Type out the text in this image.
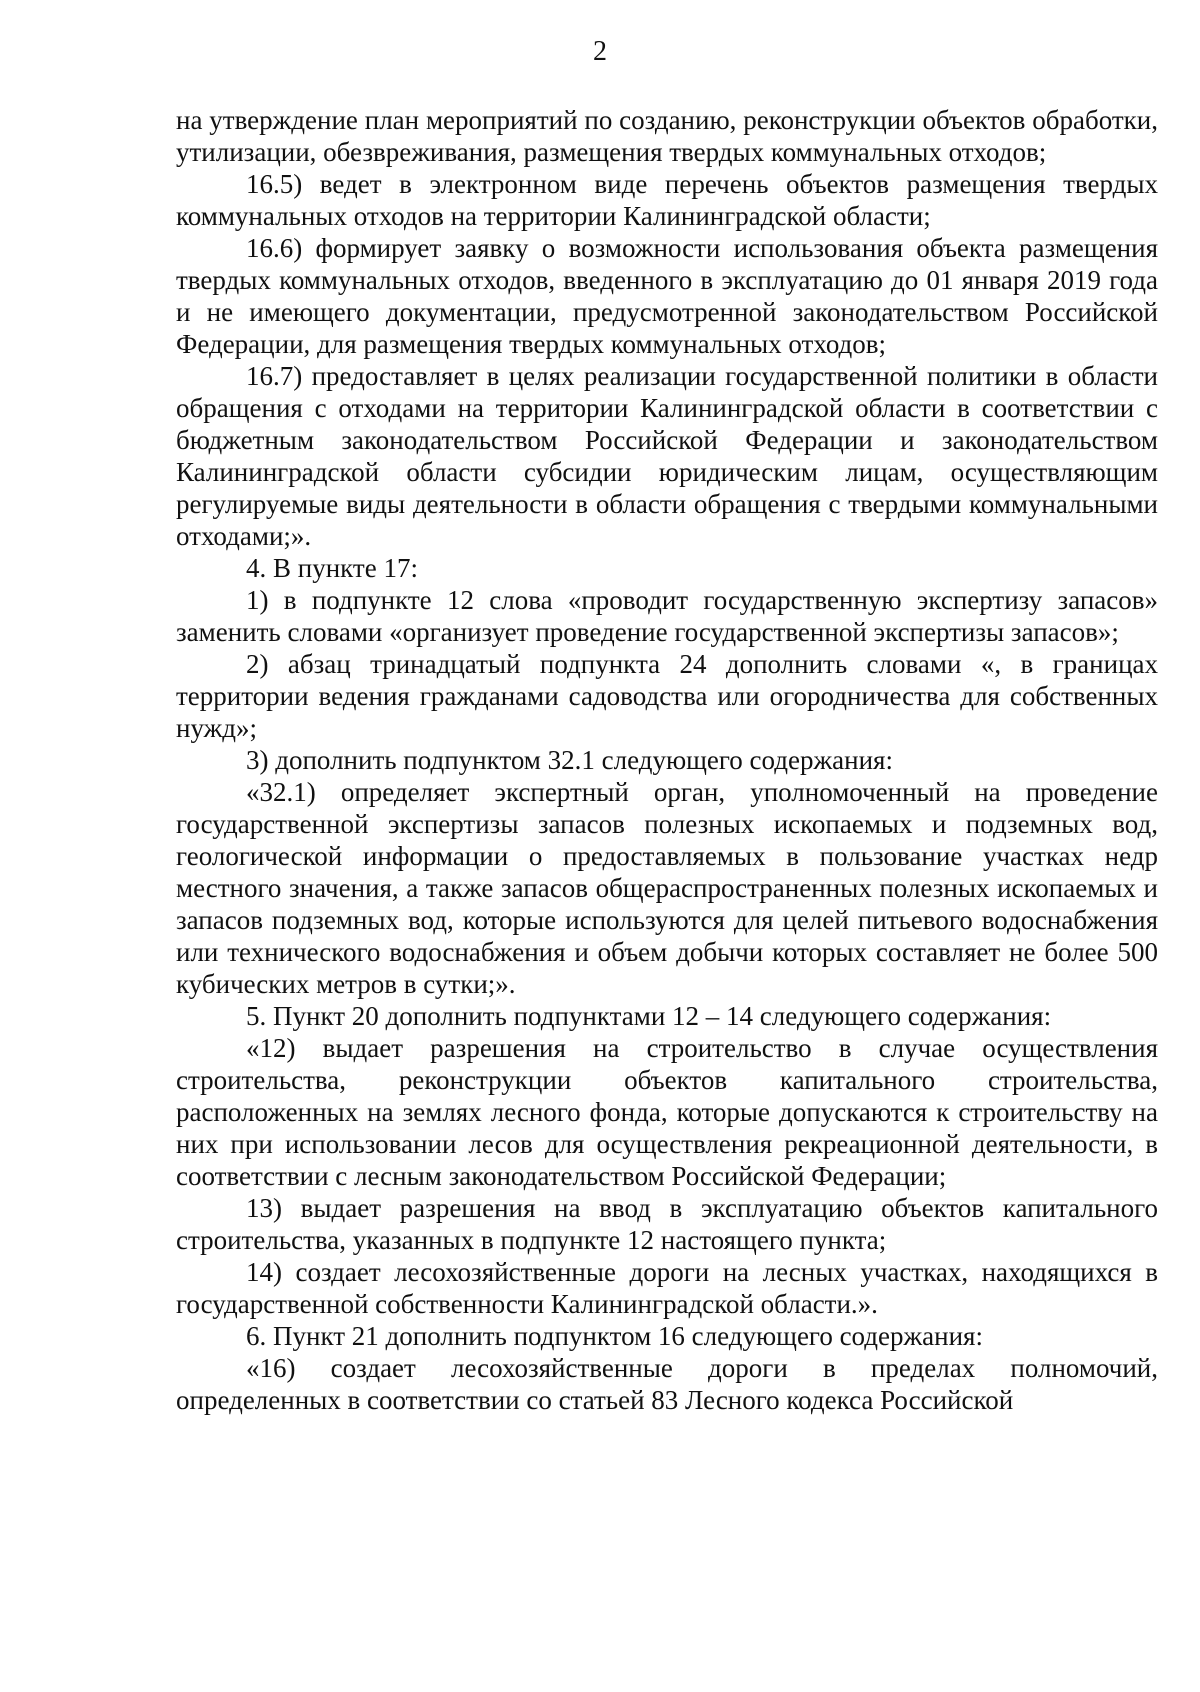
2

на утверждение план мероприятий по созданию, реконструкции объектов обработки, утилизации, обезвреживания, размещения твердых коммунальных отходов;

16.5) ведет в электронном виде перечень объектов размещения твердых коммунальных отходов на территории Калининградской области;

16.6) формирует заявку о возможности использования объекта размещения твердых коммунальных отходов, введенного в эксплуатацию до 01 января 2019 года и не имеющего документации, предусмотренной законодательством Российской Федерации, для размещения твердых коммунальных отходов;

16.7) предоставляет в целях реализации государственной политики в области обращения с отходами на территории Калининградской области в соответствии с бюджетным законодательством Российской Федерации и законодательством Калининградской области субсидии юридическим лицам, осуществляющим регулируемые виды деятельности в области обращения с твердыми коммунальными отходами;».

4. В пункте 17:

1) в подпункте 12 слова «проводит государственную экспертизу запасов» заменить словами «организует проведение государственной экспертизы запасов»;

2) абзац тринадцатый подпункта 24 дополнить словами «, в границах территории ведения гражданами садоводства или огородничества для собственных нужд»;

3) дополнить подпунктом 32.1 следующего содержания:

«32.1) определяет экспертный орган, уполномоченный на проведение государственной экспертизы запасов полезных ископаемых и подземных вод, геологической информации о предоставляемых в пользование участках недр местного значения, а также запасов общераспространенных полезных ископаемых и запасов подземных вод, которые используются для целей питьевого водоснабжения или технического водоснабжения и объем добычи которых составляет не более 500 кубических метров в сутки;».

5. Пункт 20 дополнить подпунктами 12 – 14 следующего содержания:

«12) выдает разрешения на строительство в случае осуществления строительства, реконструкции объектов капитального строительства, расположенных на землях лесного фонда, которые допускаются к строительству на них при использовании лесов для осуществления рекреационной деятельности, в соответствии с лесным законодательством Российской Федерации;

13) выдает разрешения на ввод в эксплуатацию объектов капитального строительства, указанных в подпункте 12 настоящего пункта;

14) создает лесохозяйственные дороги на лесных участках, находящихся в государственной собственности Калининградской области.».

6. Пункт 21 дополнить подпунктом 16 следующего содержания:

«16) создает лесохозяйственные дороги в пределах полномочий, определенных в соответствии со статьей 83 Лесного кодекса Российской
